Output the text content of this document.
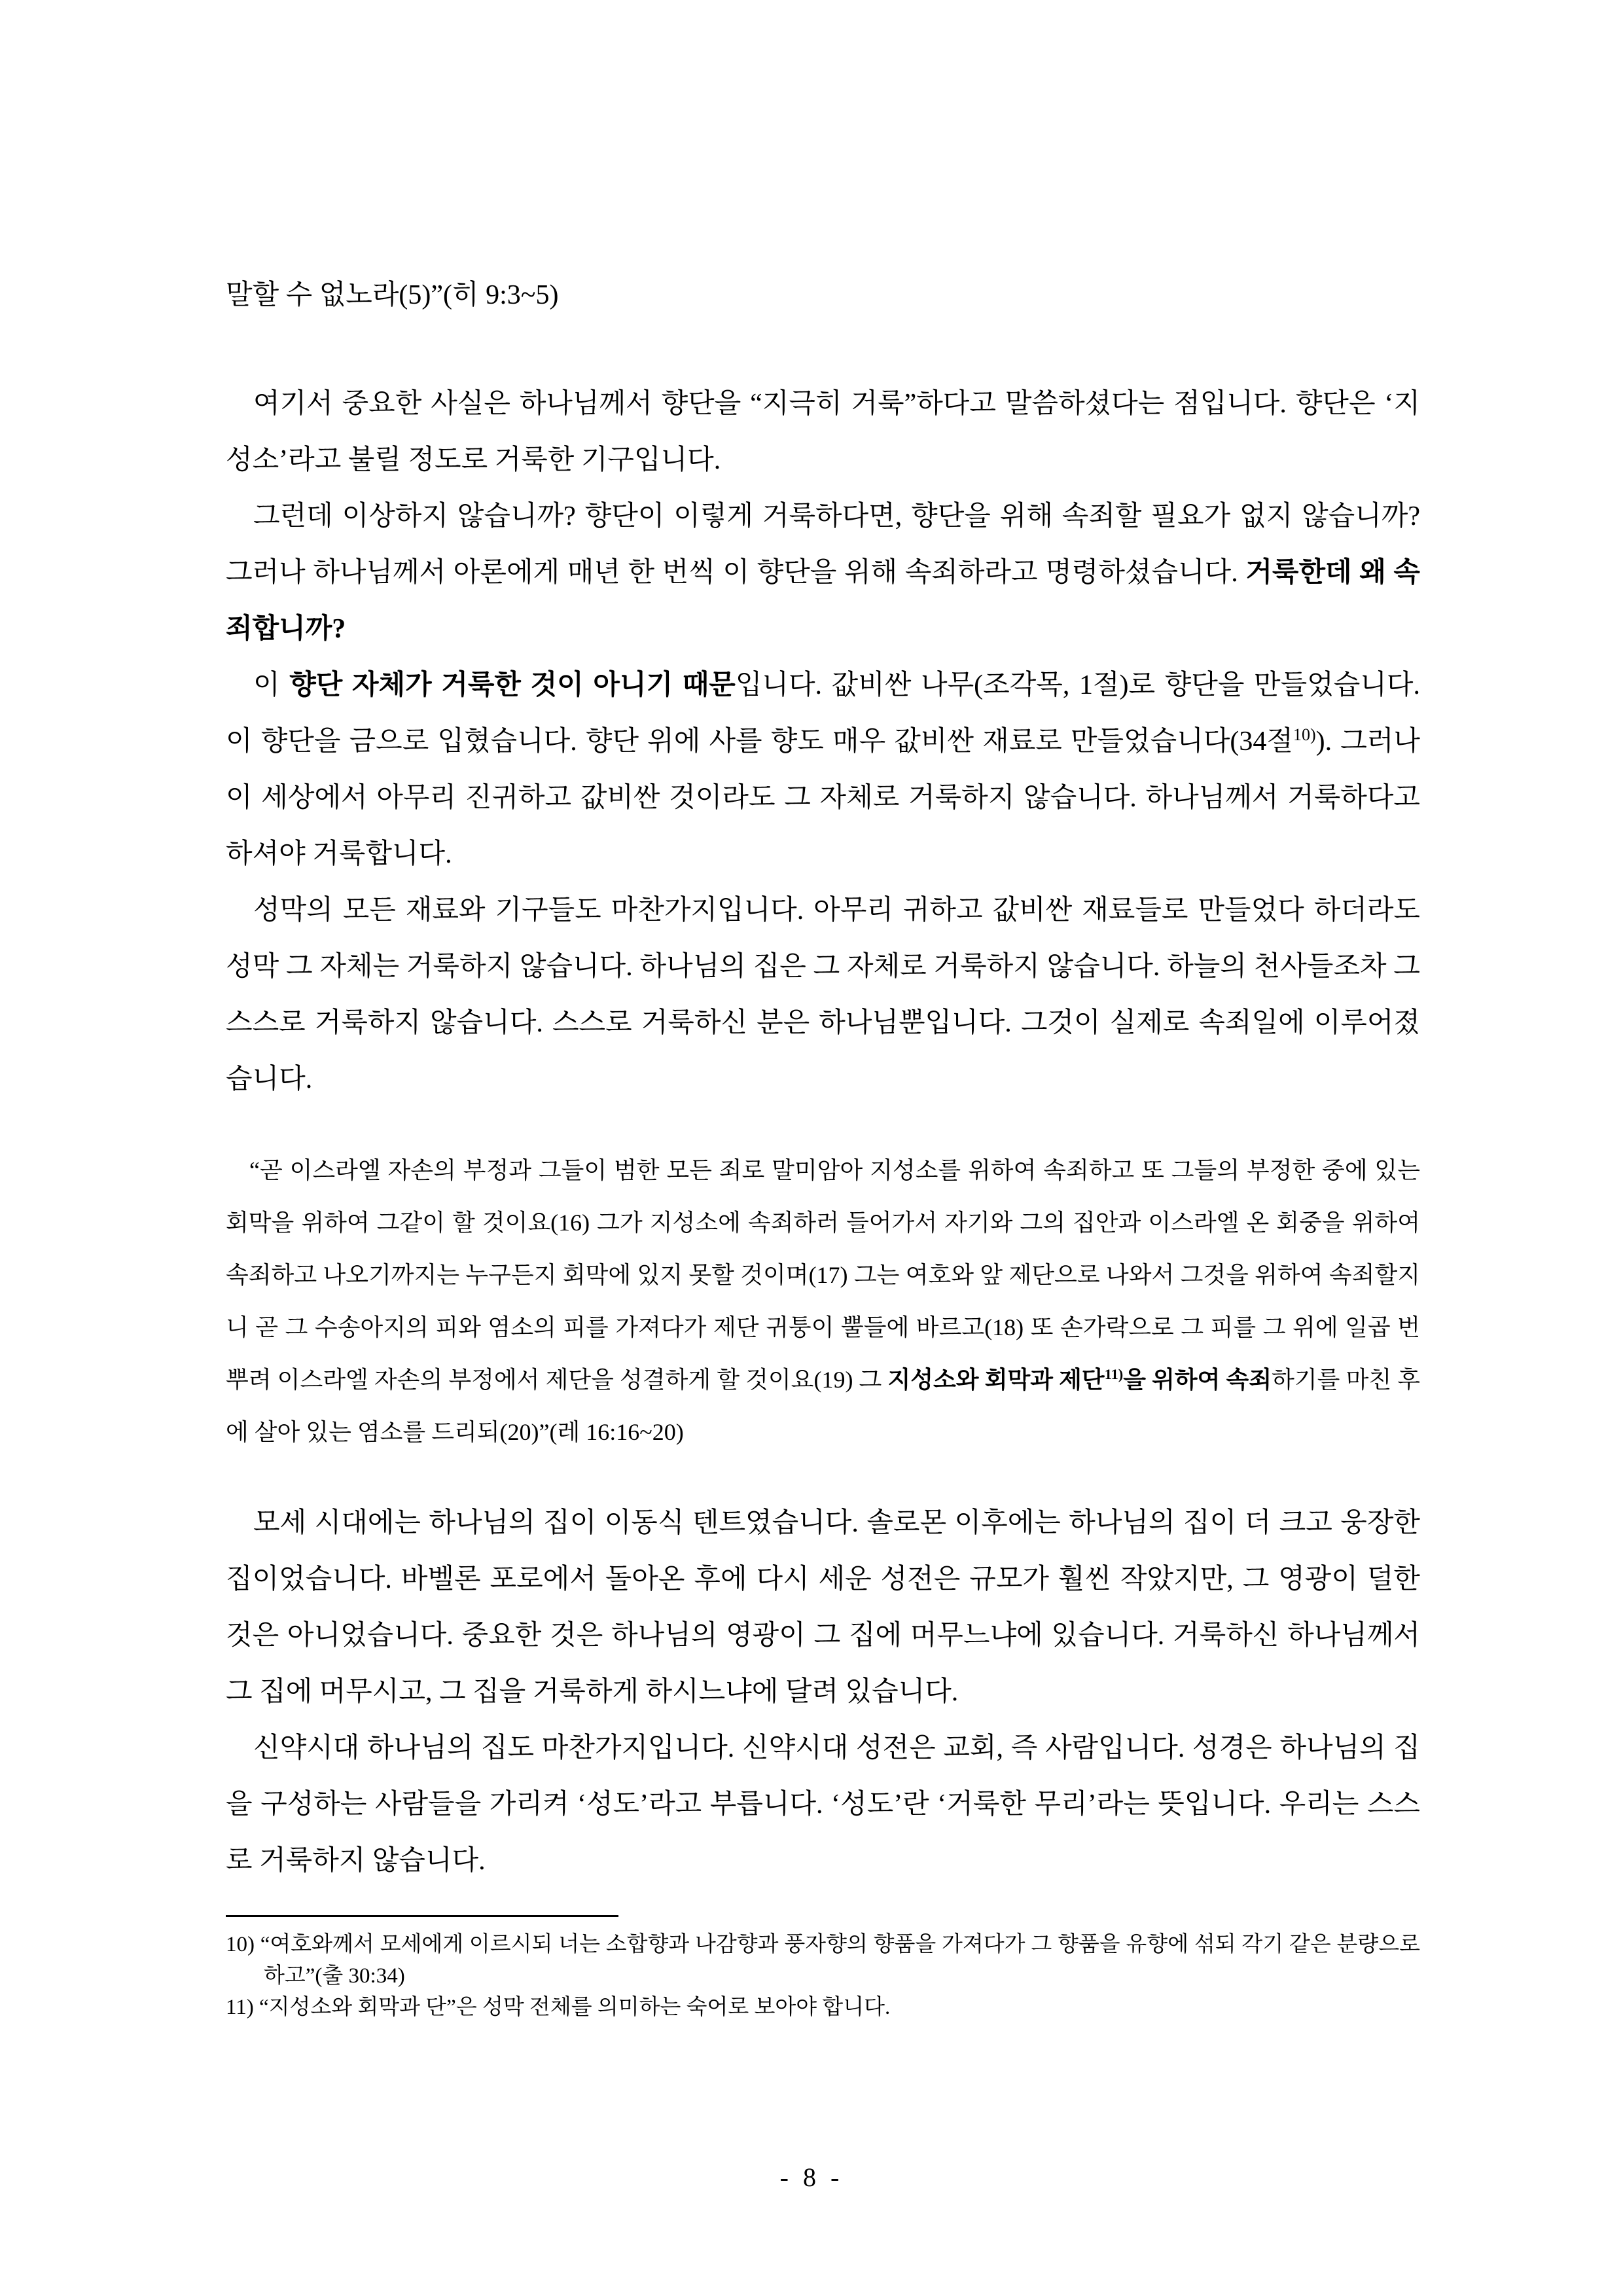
말할 수 없노라(5)”(히 9:3~5)

여기서 중요한 사실은 하나님께서 향단을 “지극히 거룩”하다고 말씀하셨다는 점입니다. 향단은 ‘지성소’라고 불릴 정도로 거룩한 기구입니다.

그런데 이상하지 않습니까? 향단이 이렇게 거룩하다면, 향단을 위해 속죄할 필요가 없지 않습니까? 그러나 하나님께서 아론에게 매년 한 번씩 이 향단을 위해 속죄하라고 명령하셨습니다. 거룩한데 왜 속죄합니까?

이 향단 자체가 거룩한 것이 아니기 때문입니다. 값비싼 나무(조각목, 1절)로 향단을 만들었습니다. 이 향단을 금으로 입혔습니다. 향단 위에 사를 향도 매우 값비싼 재료로 만들었습니다(34절$^{10)}$). 그러나 이 세상에서 아무리 진귀하고 값비싼 것이라도 그 자체로 거룩하지 않습니다. 하나님께서 거룩하다고 하셔야 거룩합니다.

성막의 모든 재료와 기구들도 마찬가지입니다. 아무리 귀하고 값비싼 재료들로 만들었다 하더라도 성막 그 자체는 거룩하지 않습니다. 하나님의 집은 그 자체로 거룩하지 않습니다. 하늘의 천사들조차 그 스스로 거룩하지 않습니다. 스스로 거룩하신 분은 하나님뿐입니다. 그것이 실제로 속죄일에 이루어졌습니다.

“곧 이스라엘 자손의 부정과 그들이 범한 모든 죄로 말미암아 지성소를 위하여 속죄하고 또 그들의 부정한 중에 있는 회막을 위하여 그같이 할 것이요(16) 그가 지성소에 속죄하러 들어가서 자기와 그의 집안과 이스라엘 온 회중을 위하여 속죄하고 나오기까지는 누구든지 회막에 있지 못할 것이며(17) 그는 여호와 앞 제단으로 나와서 그것을 위하여 속죄할지니 곧 그 수송아지의 피와 염소의 피를 가져다가 제단 귀퉁이 뿔들에 바르고(18) 또 손가락으로 그 피를 그 위에 일곱 번 뿌려 이스라엘 자손의 부정에서 제단을 성결하게 할 것이요(19) 그 지성소와 회막과 제단$^{11)}$을 위하여 속죄하기를 마친 후에 살아 있는 염소를 드리되(20)”(레 16:16~20)

모세 시대에는 하나님의 집이 이동식 텐트였습니다. 솔로몬 이후에는 하나님의 집이 더 크고 웅장한 집이었습니다. 바벨론 포로에서 돌아온 후에 다시 세운 성전은 규모가 훨씬 작았지만, 그 영광이 덜한 것은 아니었습니다. 중요한 것은 하나님의 영광이 그 집에 머무느냐에 있습니다. 거룩하신 하나님께서 그 집에 머무시고, 그 집을 거룩하게 하시느냐에 달려 있습니다.

신약시대 하나님의 집도 마찬가지입니다. 신약시대 성전은 교회, 즉 사람입니다. 성경은 하나님의 집을 구성하는 사람들을 가리켜 ‘성도’라고 부릅니다. ‘성도’란 ‘거룩한 무리’라는 뜻입니다. 우리는 스스로 거룩하지 않습니다.

10) “여호와께서 모세에게 이르시되 너는 소합향과 나감향과 풍자향의 향품을 가져다가 그 향품을 유향에 섞되 각기 같은 분량으로 하고”(출 30:34)

11) “지성소와 회막과 단”은 성막 전체를 의미하는 숙어로 보아야 합니다.

- 8 -
